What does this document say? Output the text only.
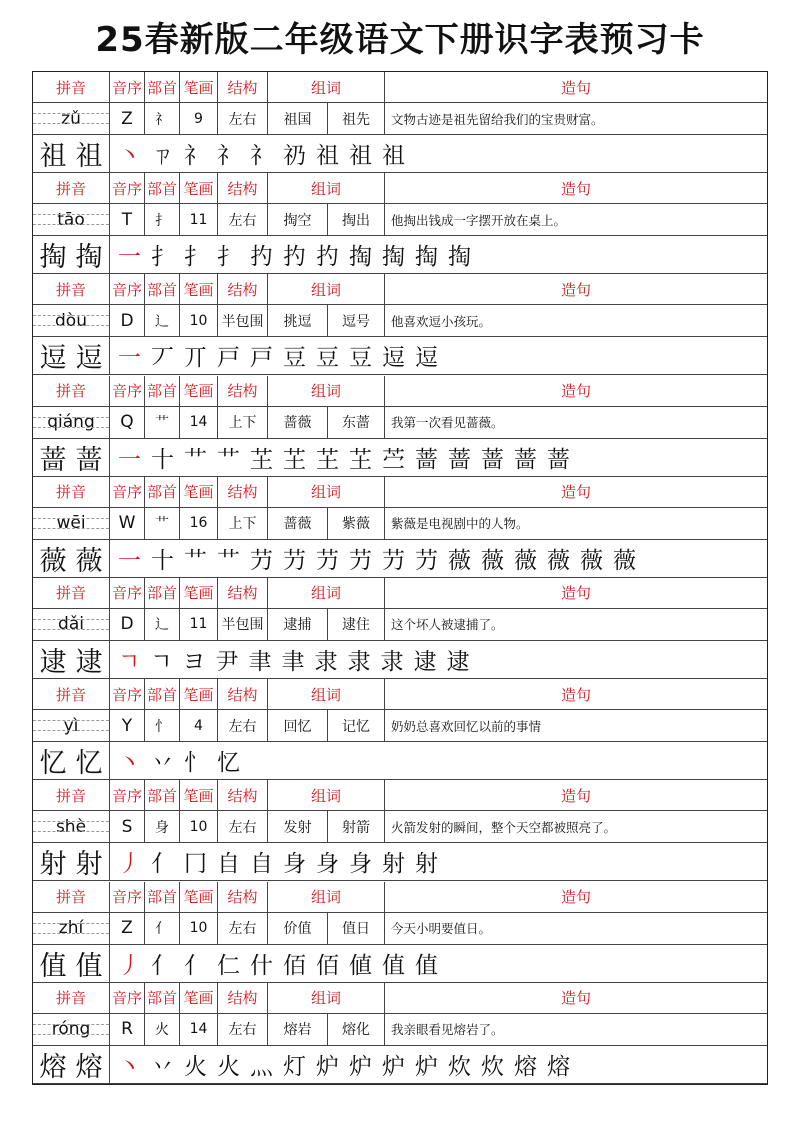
25春新版二年级语文下册识字表预习卡
拼音	音序 部首 笔画 结构	组词	造句
zǔ	Z	礻	9	左右	祖国	祖先	文物古迹是祖先留给我们的宝贵财富。
祖 祖 丶 ㄗ 礻 礻 礻 礽 祖 祖 祖
拼音	音序 部首 笔画 结构	组词	造句
tāo	T	扌	11	左右	掏空	掏出	他掏出钱成一字摆开放在桌上。
掏 掏 一 扌 扌 扌 扚 扚 扚 掏 掏 掏 掏
拼音	音序 部首 笔画 结构	组词	造句
dòu	D	辶	10	半包围	挑逗	逗号	他喜欢逗小孩玩。
逗 逗 一 丆 丌 戸 戸 豆 豆 豆 逗 逗
拼音	音序 部首 笔画 结构	组词	造句
qiáng	Q	艹	14	上下	蔷薇	东蔷	我第一次看见蔷薇。
蔷 蔷 一 十 艹 艹 芏 芏 芏 芏 苎 蔷 蔷 蔷 蔷 蔷
拼音	音序 部首 笔画 结构	组词	造句
wēi	W	艹	16	上下	蔷薇	紫薇	紫薇是电视剧中的人物。
薇 薇 一 十 艹 艹 芀 芀 芀 芀 芀 芀 薇 薇 薇 薇 薇 薇
拼音	音序 部首 笔画 结构	组词	造句
dǎi	D	辶	11	半包围	逮捕	逮住	这个坏人被逮捕了。
逮 逮 ㄱ ㄱ ヨ 尹 聿 聿 隶 隶 隶 逮 逮
拼音	音序 部首 笔画 结构	组词	造句
yì	Y	忄	4	左右	回忆	记忆	奶奶总喜欢回忆以前的事情
忆 忆 丶 丷 忄 忆
拼音	音序 部首 笔画 结构	组词	造句
shè	S	身	10	左右	发射	射箭	火箭发射的瞬间，整个天空都被照亮了。
射 射 丿 亻 冂 自 自 身 身 身 射 射
拼音	音序 部首 笔画 结构	组词	造句
zhí	Z	亻	10	左右	价值	值日	今天小明要值日。
值 值 丿 亻 亻 仁 什 佰 佰 値 值 值
拼音	音序 部首 笔画 结构	组词	造句
róng	R	火	14	左右	熔岩	熔化	我亲眼看见熔岩了。
熔 熔 丶 丷 火 火 灬 灯 炉 炉 炉 炉 炊 炊 熔 熔
